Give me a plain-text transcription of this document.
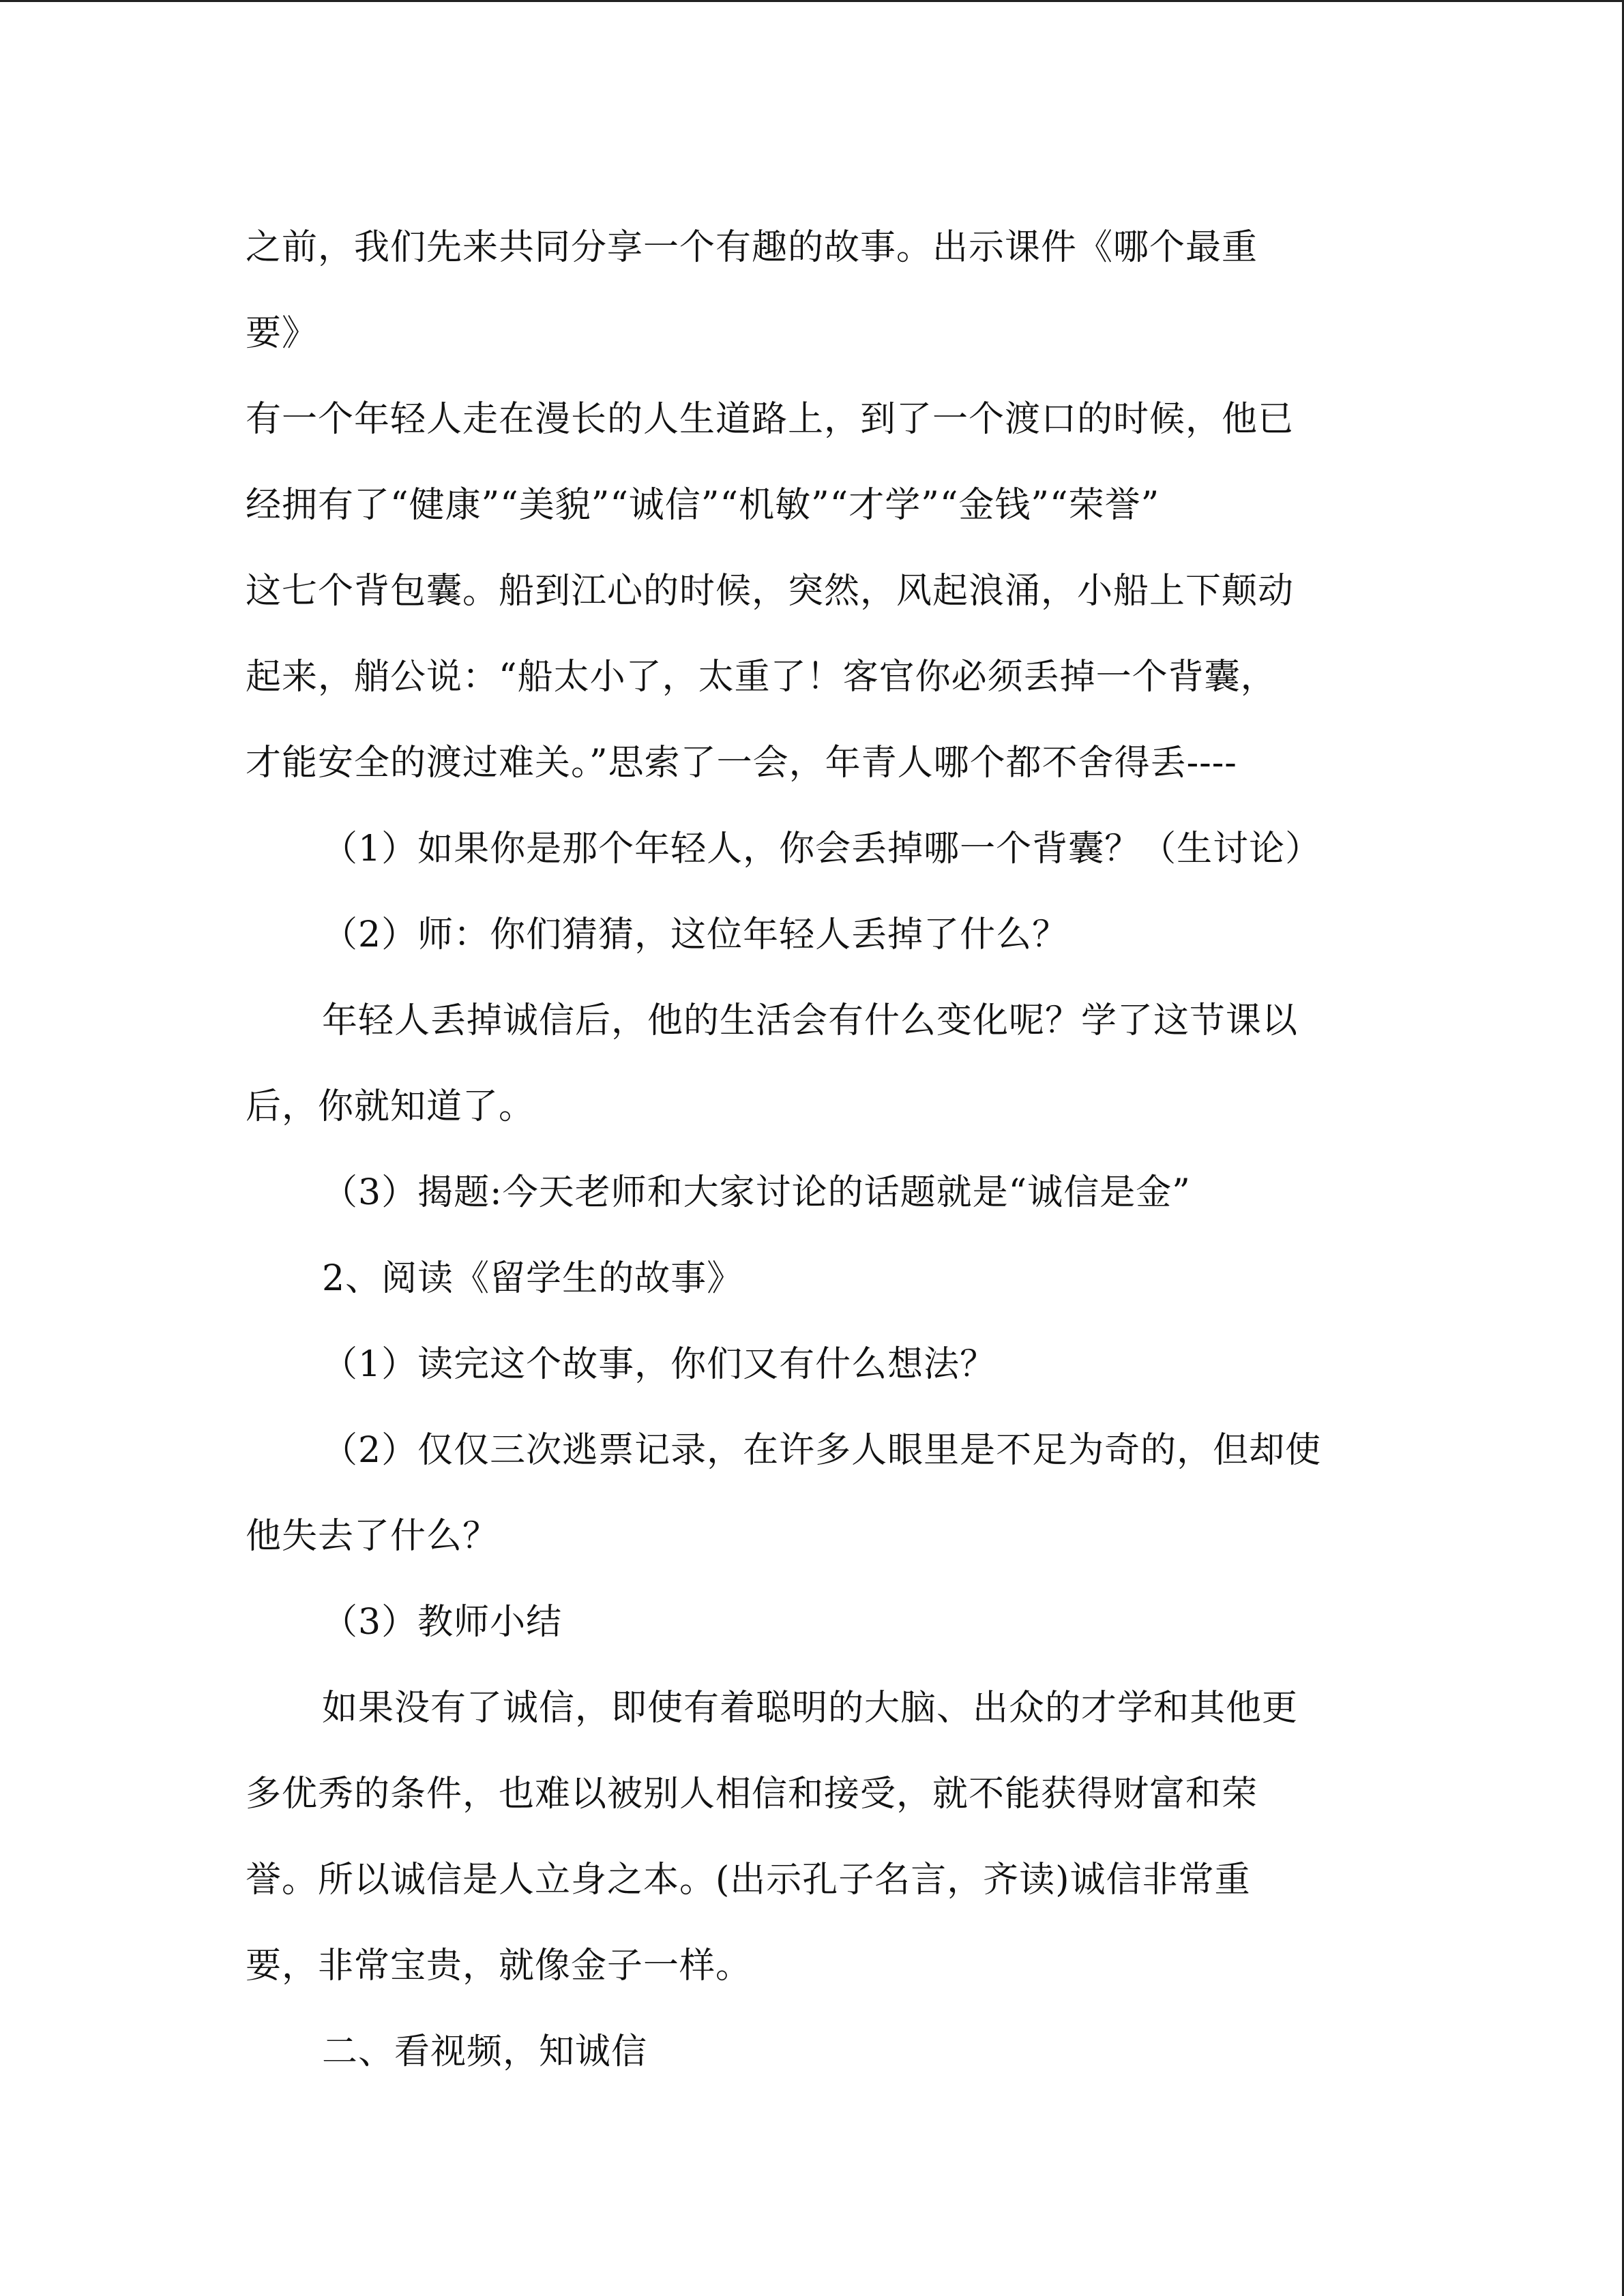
之前，我们先来共同分享一个有趣的故事。出示课件《哪个最重
要》
有一个年轻人走在漫长的人生道路上，到了一个渡口的时候，他已
经拥有了“健康”“美貌”“诚信”“机敏”“才学”“金钱”“荣誉”
这七个背包囊。船到江心的时候，突然，风起浪涌，小船上下颠动
起来，艄公说：“船太小了，太重了！客官你必须丢掉一个背囊，
才能安全的渡过难关。”思索了一会，年青人哪个都不舍得丢----
（1）如果你是那个年轻人，你会丢掉哪一个背囊？（生讨论）
（2）师：你们猜猜，这位年轻人丢掉了什么？
年轻人丢掉诚信后，他的生活会有什么变化呢？学了这节课以
后，你就知道了。
（3）揭题:今天老师和大家讨论的话题就是“诚信是金”
2、阅读《留学生的故事》
（1）读完这个故事，你们又有什么想法？
（2）仅仅三次逃票记录，在许多人眼里是不足为奇的，但却使
他失去了什么？
（3）教师小结
如果没有了诚信，即使有着聪明的大脑、出众的才学和其他更
多优秀的条件，也难以被别人相信和接受，就不能获得财富和荣
誉。所以诚信是人立身之本。(出示孔子名言，齐读)诚信非常重
要，非常宝贵，就像金子一样。
二、看视频，知诚信
